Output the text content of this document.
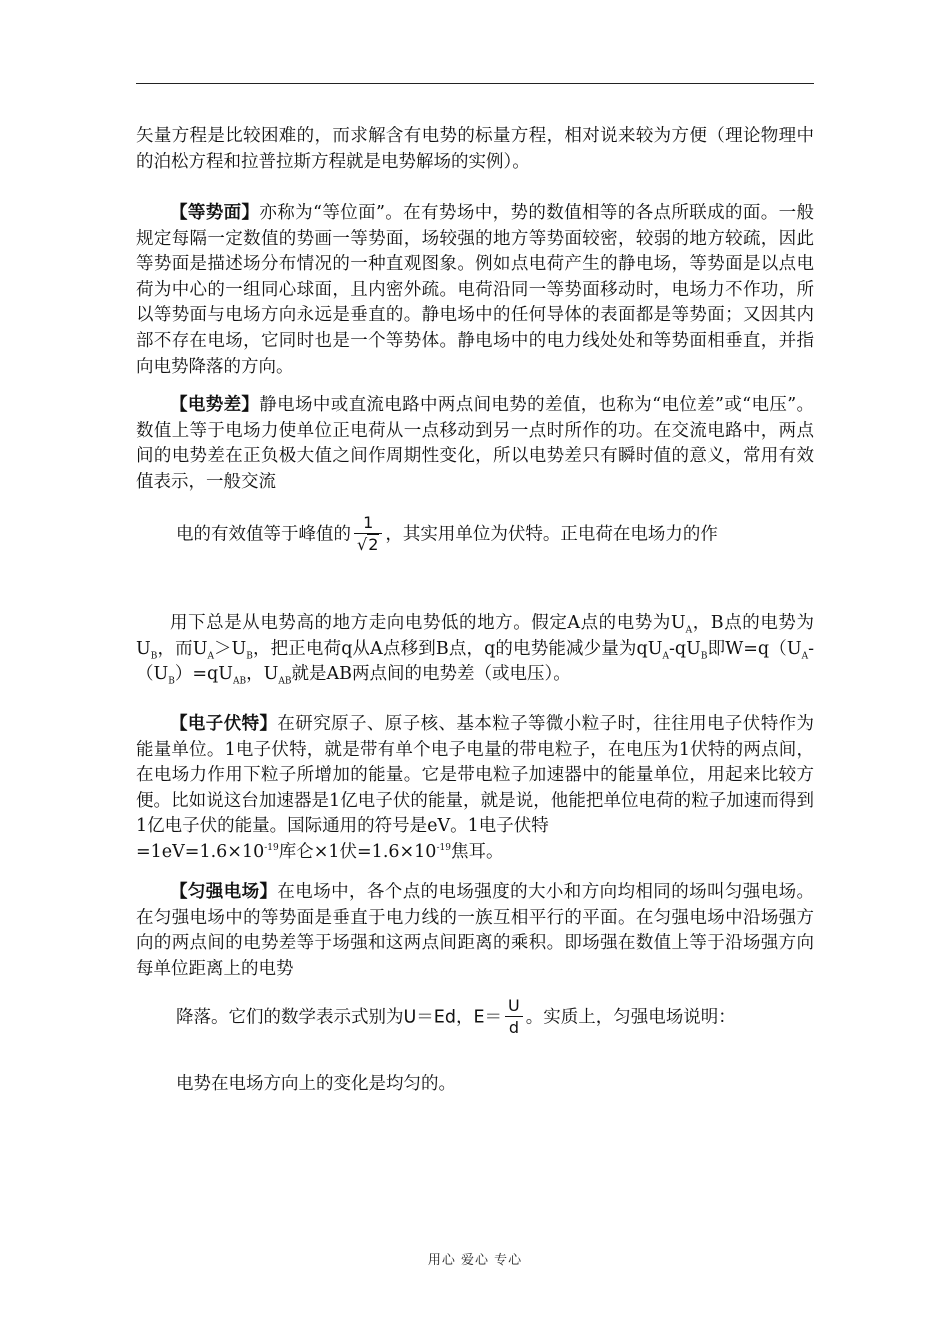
矢量方程是比较困难的，而求解含有电势的标量方程，相对说来较为方便（理论物理中的泊松方程和拉普拉斯方程就是电势解场的实例）。

【等势面】亦称为“等位面”。在有势场中，势的数值相等的各点所联成的面。一般规定每隔一定数值的势画一等势面，场较强的地方等势面较密，较弱的地方较疏，因此等势面是描述场分布情况的一种直观图象。例如点电荷产生的静电场，等势面是以点电荷为中心的一组同心球面，且内密外疏。电荷沿同一等势面移动时，电场力不作功，所以等势面与电场方向永远是垂直的。静电场中的任何导体的表面都是等势面；又因其内部不存在电场，它同时也是一个等势体。静电场中的电力线处处和等势面相垂直，并指向电势降落的方向。

【电势差】静电场中或直流电路中两点间电势的差值，也称为“电位差”或“电压”。数值上等于电场力使单位正电荷从一点移动到另一点时所作的功。在交流电路中，两点间的电势差在正负极大值之间作周期性变化，所以电势差只有瞬时值的意义，常用有效值表示，一般交流

电的有效值等于峰值的 $\frac{1}{√2}$ ，其实用单位为伏特。正电荷在电场力的作

用下总是从电势高的地方走向电势低的地方。假定A点的电势为$U_A$，B点的电势为$U_B$，而$U_A>U_B$，把正电荷q从A点移到B点，q的电势能减少量为$qU_A-qU_B$即$W=q(U_A-(U_B)=qU_{AB}$，$U_{AB}$就是AB两点间的电势差（或电压）。

【电子伏特】在研究原子、原子核、基本粒子等微小粒子时，往往用电子伏特作为能量单位。1电子伏特，就是带有单个电子电量的带电粒子，在电压为1伏特的两点间，在电场力作用下粒子所增加的能量。它是带电粒子加速器中的能量单位，用起来比较方便。比如说这台加速器是1亿电子伏的能量，就是说，他能把单位电荷的粒子加速而得到1亿电子伏的能量。国际通用的符号是eV。1电子伏特
$=1eV=1.6\times 10^{-19}$库仑×1伏$=1.6\times 10^{-19}$焦耳。

【匀强电场】在电场中，各个点的电场强度的大小和方向均相同的场叫匀强电场。在匀强电场中的等势面是垂直于电力线的一族互相平行的平面。在匀强电场中沿场强方向的两点间的电势差等于场强和这两点间距离的乘积。即场强在数值上等于沿场强方向每单位距离上的电势

降落。它们的数学表示式别为U＝Ed，$E= \frac{U}{d}$ 。实质上，匀强电场说明：

电势在电场方向上的变化是均匀的。

用心 爱心 专心
